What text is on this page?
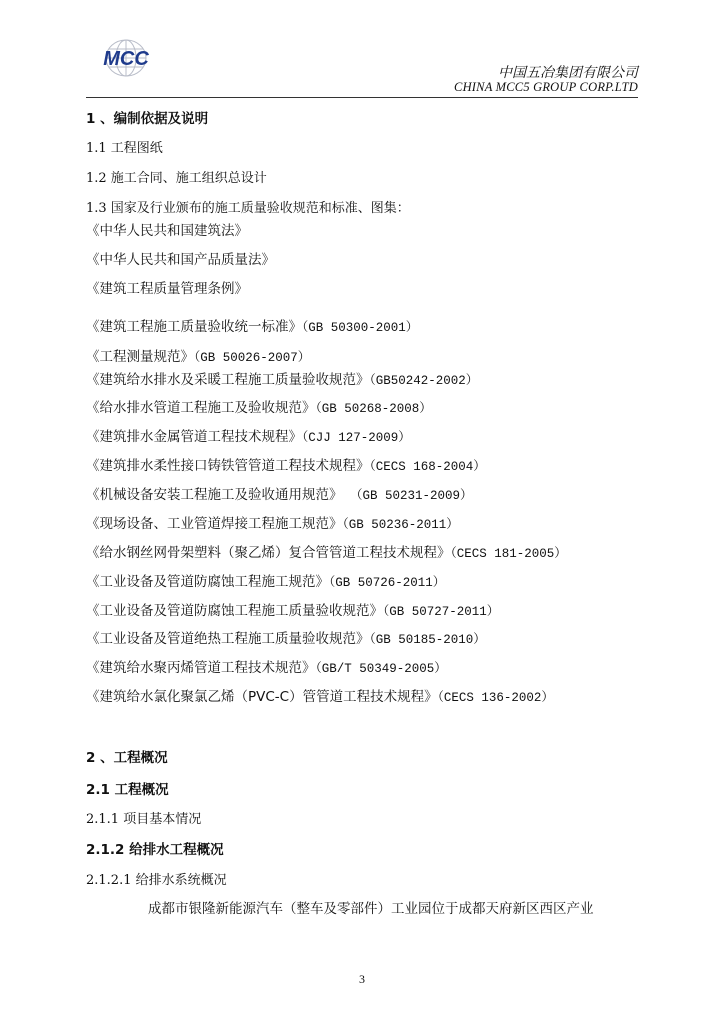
MCC
中国五冶集团有限公司
CHINA MCC5 GROUP CORP.LTD
1 、编制依据及说明
1.1 工程图纸
1.2 施工合同、施工组织总设计
1.3 国家及行业颁布的施工质量验收规范和标准、图集：
《中华人民共和国建筑法》
《中华人民共和国产品质量法》
《建筑工程质量管理条例》
《建筑工程施工质量验收统一标准》（GB 50300-2001）
《工程测量规范》（GB 50026-2007）
《建筑给水排水及采暖工程施工质量验收规范》（GB50242-2002）
《给水排水管道工程施工及验收规范》（GB 50268-2008）
《建筑排水金属管道工程技术规程》（CJJ 127-2009）
《建筑排水柔性接口铸铁管管道工程技术规程》（CECS 168-2004）
《机械设备安装工程施工及验收通用规范》 （GB 50231-2009）
《现场设备、工业管道焊接工程施工规范》（GB 50236-2011）
《给水钢丝网骨架塑料（聚乙烯）复合管管道工程技术规程》（CECS 181-2005）
《工业设备及管道防腐蚀工程施工规范》（GB 50726-2011）
《工业设备及管道防腐蚀工程施工质量验收规范》（GB 50727-2011）
《工业设备及管道绝热工程施工质量验收规范》（GB 50185-2010）
《建筑给水聚丙烯管道工程技术规范》（GB/T 50349-2005）
《建筑给水氯化聚氯乙烯（PVC-C）管管道工程技术规程》（CECS 136-2002）
2 、工程概况
2.1 工程概况
2.1.1 项目基本情况
2.1.2 给排水工程概况
2.1.2.1 给排水系统概况
成都市银隆新能源汽车（整车及零部件）工业园位于成都天府新区西区产业
3
